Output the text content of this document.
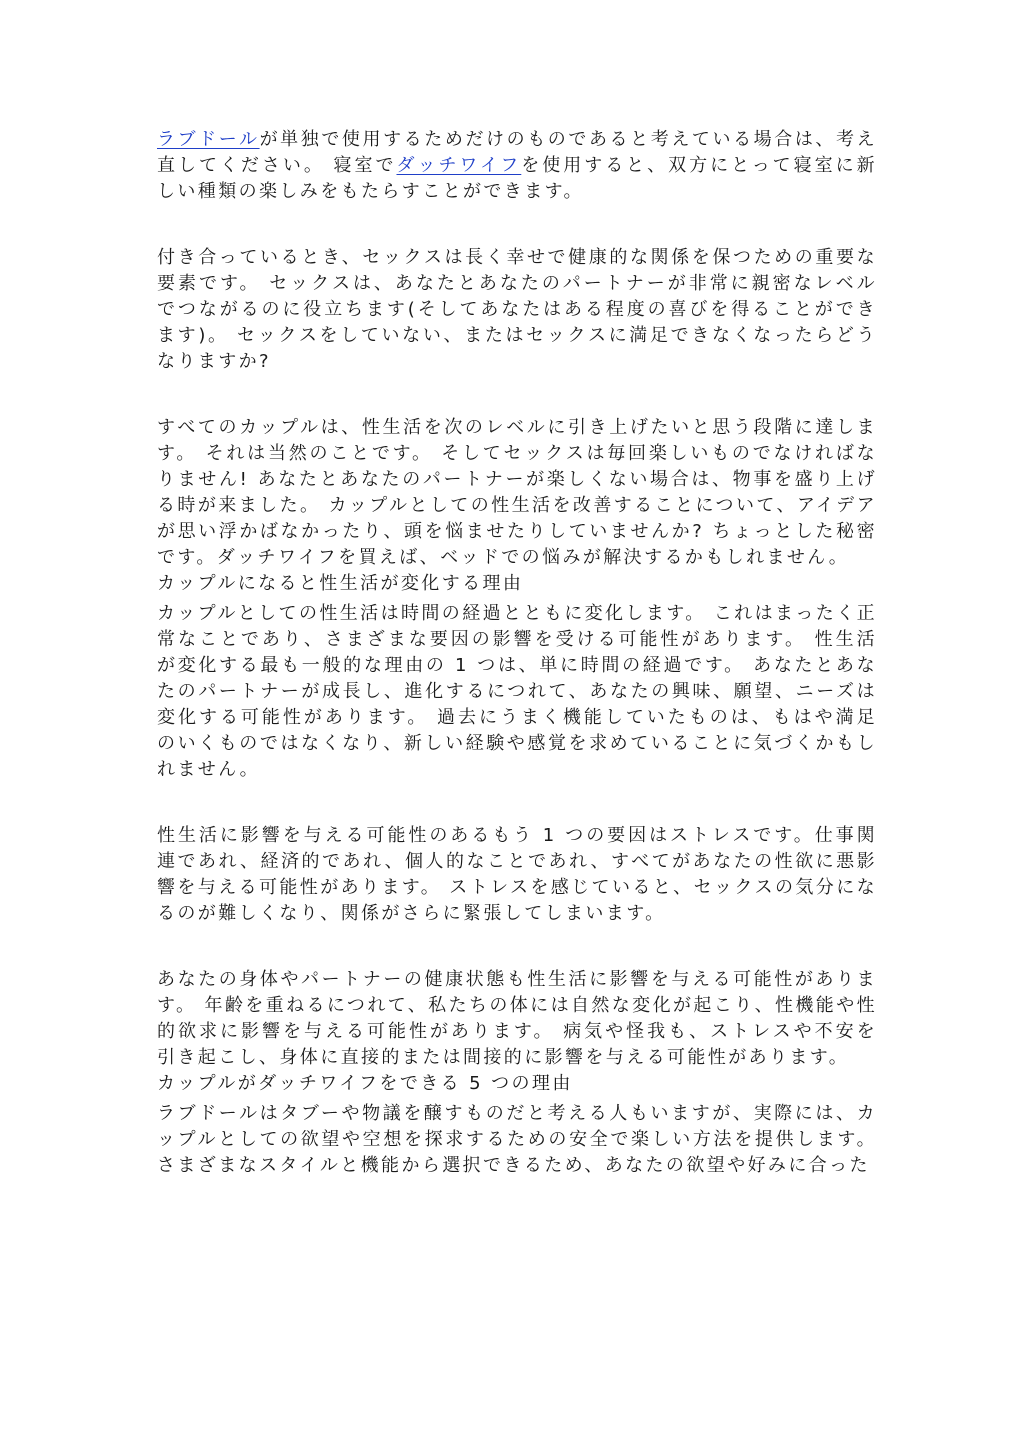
ラブドールが単独で使用するためだけのものであると考えている場合は、考え直してください。 寝室でダッチワイフを使用すると、双方にとって寝室に新しい種類の楽しみをもたらすことができます。

付き合っているとき、セックスは長く幸せで健康的な関係を保つための重要な要素です。 セックスは、あなたとあなたのパートナーが非常に親密なレベルでつながるのに役立ちます(そしてあなたはある程度の喜びを得ることができます)。 セックスをしていない、またはセックスに満足できなくなったらどうなりますか?

すべてのカップルは、性生活を次のレベルに引き上げたいと思う段階に達します。 それは当然のことです。 そしてセックスは毎回楽しいものでなければなりません! あなたとあなたのパートナーが楽しくない場合は、物事を盛り上げる時が来ました。 カップルとしての性生活を改善することについて、アイデアが思い浮かばなかったり、頭を悩ませたりしていませんか? ちょっとした秘密です。ダッチワイフを買えば、ベッドでの悩みが解決するかもしれません。

カップルになると性生活が変化する理由

カップルとしての性生活は時間の経過とともに変化します。 これはまったく正常なことであり、さまざまな要因の影響を受ける可能性があります。 性生活が変化する最も一般的な理由の 1 つは、単に時間の経過です。 あなたとあなたのパートナーが成長し、進化するにつれて、あなたの興味、願望、ニーズは変化する可能性があります。 過去にうまく機能していたものは、もはや満足のいくものではなくなり、新しい経験や感覚を求めていることに気づくかもしれません。

性生活に影響を与える可能性のあるもう 1 つの要因はストレスです。仕事関連であれ、経済的であれ、個人的なことであれ、すべてがあなたの性欲に悪影響を与える可能性があります。 ストレスを感じていると、セックスの気分になるのが難しくなり、関係がさらに緊張してしまいます。

あなたの身体やパートナーの健康状態も性生活に影響を与える可能性があります。 年齢を重ねるにつれて、私たちの体には自然な変化が起こり、性機能や性的欲求に影響を与える可能性があります。 病気や怪我も、ストレスや不安を引き起こし、身体に直接的または間接的に影響を与える可能性があります。

カップルがダッチワイフをできる 5 つの理由

ラブドールはタブーや物議を醸すものだと考える人もいますが、実際には、カップルとしての欲望や空想を探求するための安全で楽しい方法を提供します。 さまざまなスタイルと機能から選択できるため、あなたの欲望や好みに合った
